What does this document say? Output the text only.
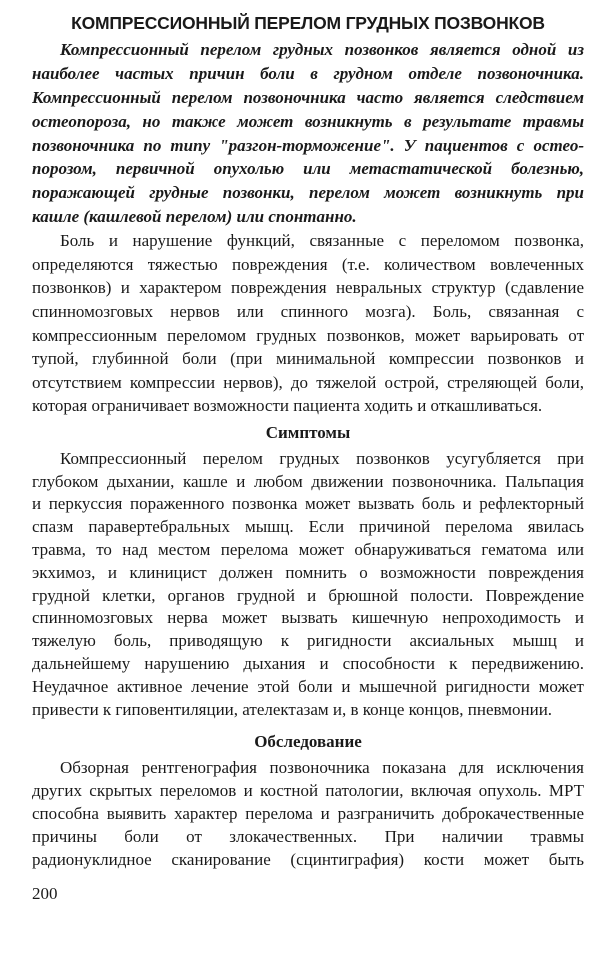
КОМПРЕССИОННЫЙ ПЕРЕЛОМ ГРУДНЫХ ПОЗВОНКОВ
Компрессионный перелом грудных позвонков является одной из
наиболее частых причин боли в грудном отделе позвоночника.
Компрессионный перелом позвоночника часто является следствием
остеопороза, но также может возникнуть в результате травмы
позвоночника по типу "разгон-торможение". У пациентов с остео-
порозом, первичной опухолью или метастатической болезнью,
поражающей грудные позвонки, перелом может возникнуть при
кашле (кашлевой перелом) или спонтанно.
Боль и нарушение функций, связанные с переломом позвонка,
определяются тяжестью повреждения (т.е. количеством вовлеченных
позвонков) и характером повреждения невральных структур (сдавление
спинномозговых нервов или спинного мозга). Боль, связанная с
компрессионным переломом грудных позвонков, может варьировать от
тупой, глубинной боли (при минимальной компрессии позвонков и
отсутствием компрессии нервов), до тяжелой острой, стреляющей боли,
которая ограничивает возможности пациента ходить и откашливаться.
Симптомы
Компрессионный перелом грудных позвонков усугубляется при
глубоком дыхании, кашле и любом движении позвоночника. Пальпация
и перкуссия пораженного позвонка может вызвать боль и рефлекторный
спазм паравертебральных мышц. Если причиной перелома явилась
травма, то над местом перелома может обнаруживаться гематома или
экхимоз, и клиницист должен помнить о возможности повреждения
грудной клетки, органов грудной и брюшной полости. Повреждение
спинномозговых нерва может вызвать кишечную непроходимость и
тяжелую боль, приводящую к ригидности аксиальных мышц и
дальнейшему нарушению дыхания и способности к передвижению.
Неудачное активное лечение этой боли и мышечной ригидности может
привести к гиповентиляции, ателектазам и, в конце концов, пневмонии.
Обследование
Обзорная рентгенография позвоночника показана для исключения
других скрытых переломов и костной патологии, включая опухоль. МРТ
способна выявить характер перелома и разграничить доброкачественные
причины боли от злокачественных. При наличии травмы
радионуклидное сканирование (сцинтиграфия) кости может быть
200
